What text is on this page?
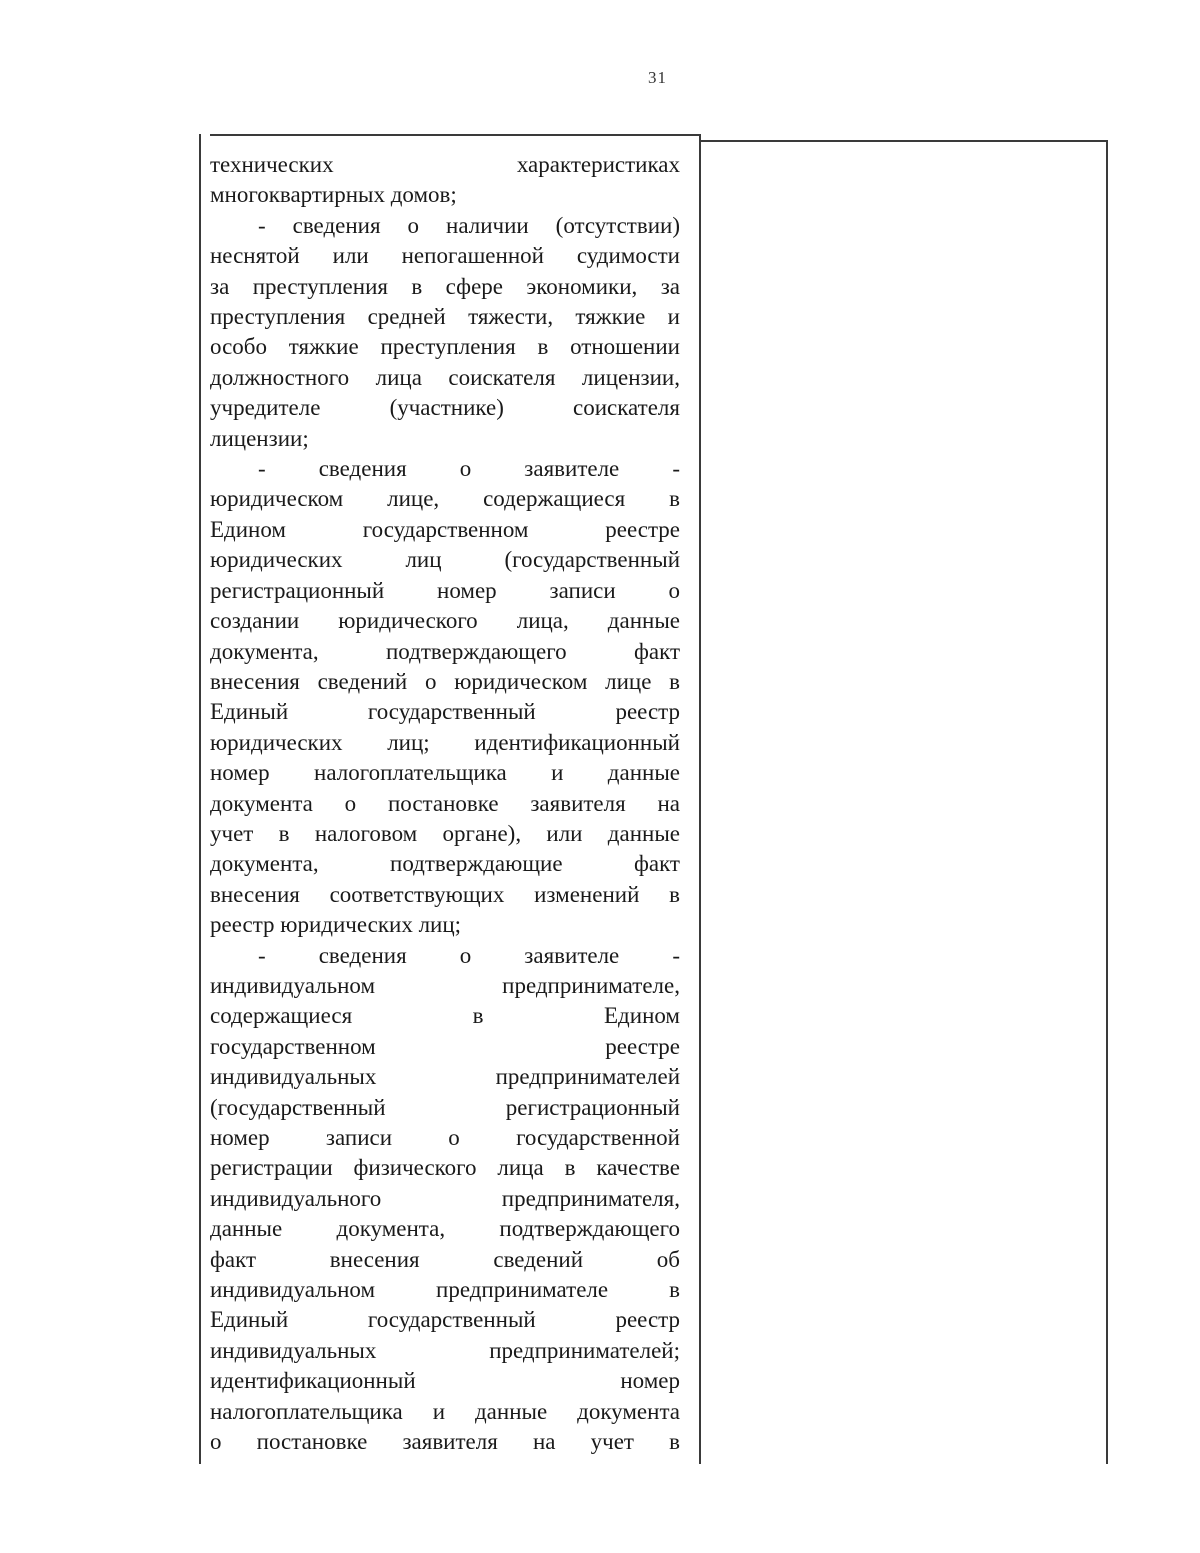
31
технических характеристиках
многоквартирных домов;
- сведения о наличии (отсутствии)
неснятой или непогашенной судимости
за преступления в сфере экономики, за
преступления средней тяжести, тяжкие и
особо тяжкие преступления в отношении
должностного лица соискателя лицензии,
учредителе (участнике) соискателя
лицензии;
- сведения о заявителе -
юридическом лице, содержащиеся в
Едином государственном реестре
юридических лиц (государственный
регистрационный номер записи о
создании юридического лица, данные
документа, подтверждающего факт
внесения сведений о юридическом лице в
Единый государственный реестр
юридических лиц; идентификационный
номер налогоплательщика и данные
документа о постановке заявителя на
учет в налоговом органе), или данные
документа, подтверждающие факт
внесения соответствующих изменений в
реестр юридических лиц;
- сведения о заявителе -
индивидуальном предпринимателе,
содержащиеся в Едином
государственном реестре
индивидуальных предпринимателей
(государственный регистрационный
номер записи о государственной
регистрации физического лица в качестве
индивидуального предпринимателя,
данные документа, подтверждающего
факт внесения сведений об
индивидуальном предпринимателе в
Единый государственный реестр
индивидуальных предпринимателей;
идентификационный номер
налогоплательщика и данные документа
о постановке заявителя на учет в
